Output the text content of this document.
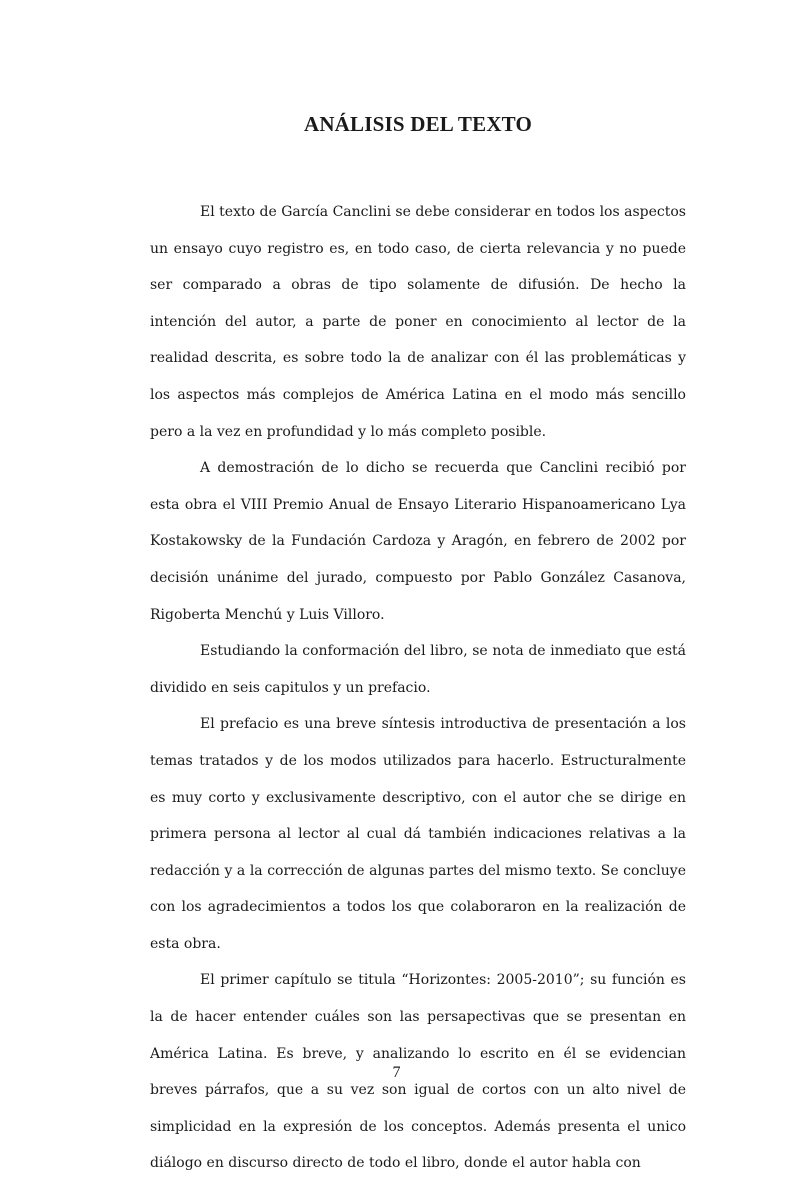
ANÁLISIS DEL TEXTO

El texto de García Canclini se debe considerar en todos los aspectos un ensayo cuyo registro es, en todo caso, de cierta relevancia y no puede ser comparado a obras de tipo solamente de difusión. De hecho la intención del autor, a parte de poner en conocimiento al lector de la realidad descrita, es sobre todo la de analizar con él las problemáticas y los aspectos más complejos de América Latina en el modo más sencillo pero a la vez en profundidad y lo más completo posible.

A demostración de lo dicho se recuerda que Canclini recibió por esta obra el VIII Premio Anual de Ensayo Literario Hispanoamericano Lya Kostakowsky de la Fundación Cardoza y Aragón, en febrero de 2002 por decisión unánime del jurado, compuesto por Pablo González Casanova, Rigoberta Menchú y Luis Villoro.

Estudiando la conformación del libro, se nota de inmediato que está dividido en seis capitulos y un prefacio.

El prefacio es una breve síntesis introductiva de presentación a los temas tratados y de los modos utilizados para hacerlo. Estructuralmente es muy corto y exclusivamente descriptivo, con el autor che se dirige en primera persona al lector al cual dá también indicaciones relativas a la redacción y a la corrección de algunas partes del mismo texto. Se concluye con los agradecimientos a todos los que colaboraron en la realización de esta obra.

El primer capítulo se titula “Horizontes: 2005-2010”; su función es la de hacer entender cuáles son las persapectivas que se presentan en América Latina. Es breve, y analizando lo escrito en él se evidencian breves párrafos, que a su vez son igual de cortos con un alto nivel de simplicidad en la expresión de los conceptos. Además presenta el unico diálogo en discurso directo de todo el libro, donde el autor habla con

7
